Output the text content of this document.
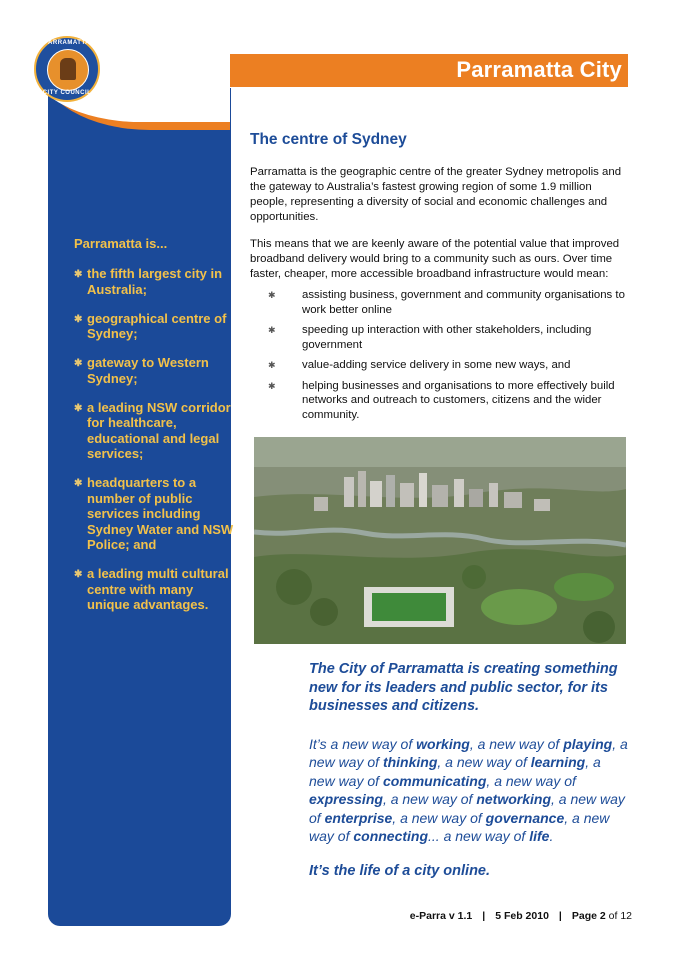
Parramatta City
PARRAMATTA
CITY COUNCIL
Parramatta is...
✱ the fifth largest city in Australia;
✱ geographical centre of Sydney;
✱ gateway to Western Sydney;
✱ a leading NSW corridor for healthcare, educational and legal services;
✱ headquarters to a number of public services including Sydney Water and NSW Police; and
✱ a leading multi cultural centre with many unique advantages.
The centre of Sydney

Parramatta is the geographic centre of the greater Sydney metropolis and the gateway to Australia’s fastest growing region of some 1.9 million people, representing a diversity of social and economic challenges and opportunities.

This means that we are keenly aware of the potential value that improved broadband delivery would bring to a community such as ours. Over time faster, cheaper, more accessible broadband infrastructure would mean:

✱ assisting business, government and community organisations to work better online
✱ speeding up interaction with other stakeholders, including government
✱ value-adding service delivery in some new ways, and
✱ helping businesses and organisations to more effectively build networks and outreach to customers, citizens and the wider community.

The City of Parramatta is creating something new for its leaders and public sector, for its businesses and citizens.

It’s a new way of working, a new way of playing, a new way of thinking, a new way of learning, a new way of communicating, a new way of expressing, a new way of networking, a new way of enterprise, a new way of governance, a new way of connecting... a new way of life.

It’s the life of a city online.

e-Parra v 1.1 | 5 Feb 2010 | Page 2 of 12
